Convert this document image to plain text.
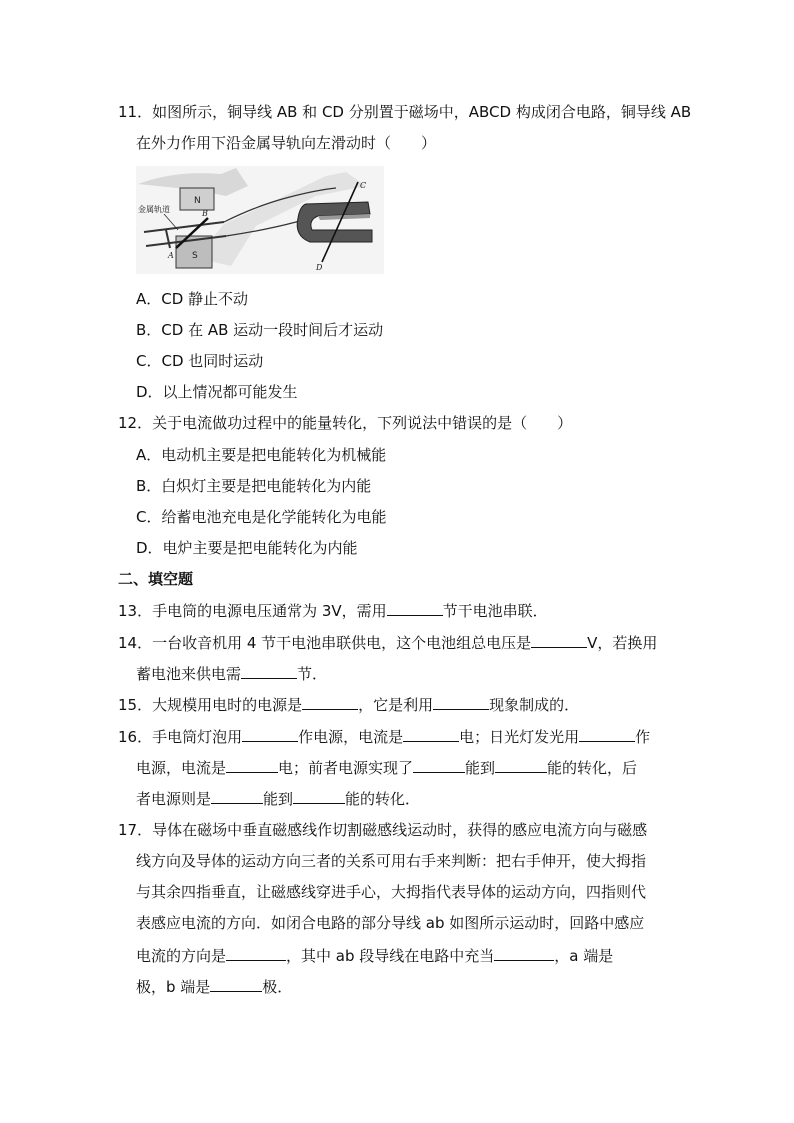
11．如图所示，铜导线 AB 和 CD 分别置于磁场中，ABCD 构成闭合电路，铜导线 AB
在外力作用下沿金属导轨向左滑动时（　　）
N
S
金属轨道	B
A
C
D
A．CD 静止不动
B．CD 在 AB 运动一段时间后才运动
C．CD 也同时运动
D．以上情况都可能发生
12．关于电流做功过程中的能量转化，下列说法中错误的是（　　）
A．电动机主要是把电能转化为机械能
B．白炽灯主要是把电能转化为内能
C．给蓄电池充电是化学能转化为电能
D．电炉主要是把电能转化为内能
二、填空题
13．手电筒的电源电压通常为 3V，需用	节干电池串联．
14．一台收音机用 4 节干电池串联供电，这个电池组总电压是	V，若换用
蓄电池来供电需	节．
15．大规模用电时的电源是	，它是利用	现象制成的．
16．手电筒灯泡用	作电源，电流是	电；日光灯发光用	作
电源，电流是	电；前者电源实现了	能到	能的转化，后
者电源则是	能到	能的转化．
17．导体在磁场中垂直磁感线作切割磁感线运动时，获得的感应电流方向与磁感
线方向及导体的运动方向三者的关系可用右手来判断：把右手伸开，使大拇指
与其余四指垂直，让磁感线穿进手心，大拇指代表导体的运动方向，四指则代
表感应电流的方向．如闭合电路的部分导线 ab 如图所示运动时，回路中感应
电流的方向是	，其中 ab 段导线在电路中充当	，a 端是
极，b 端是	极．
